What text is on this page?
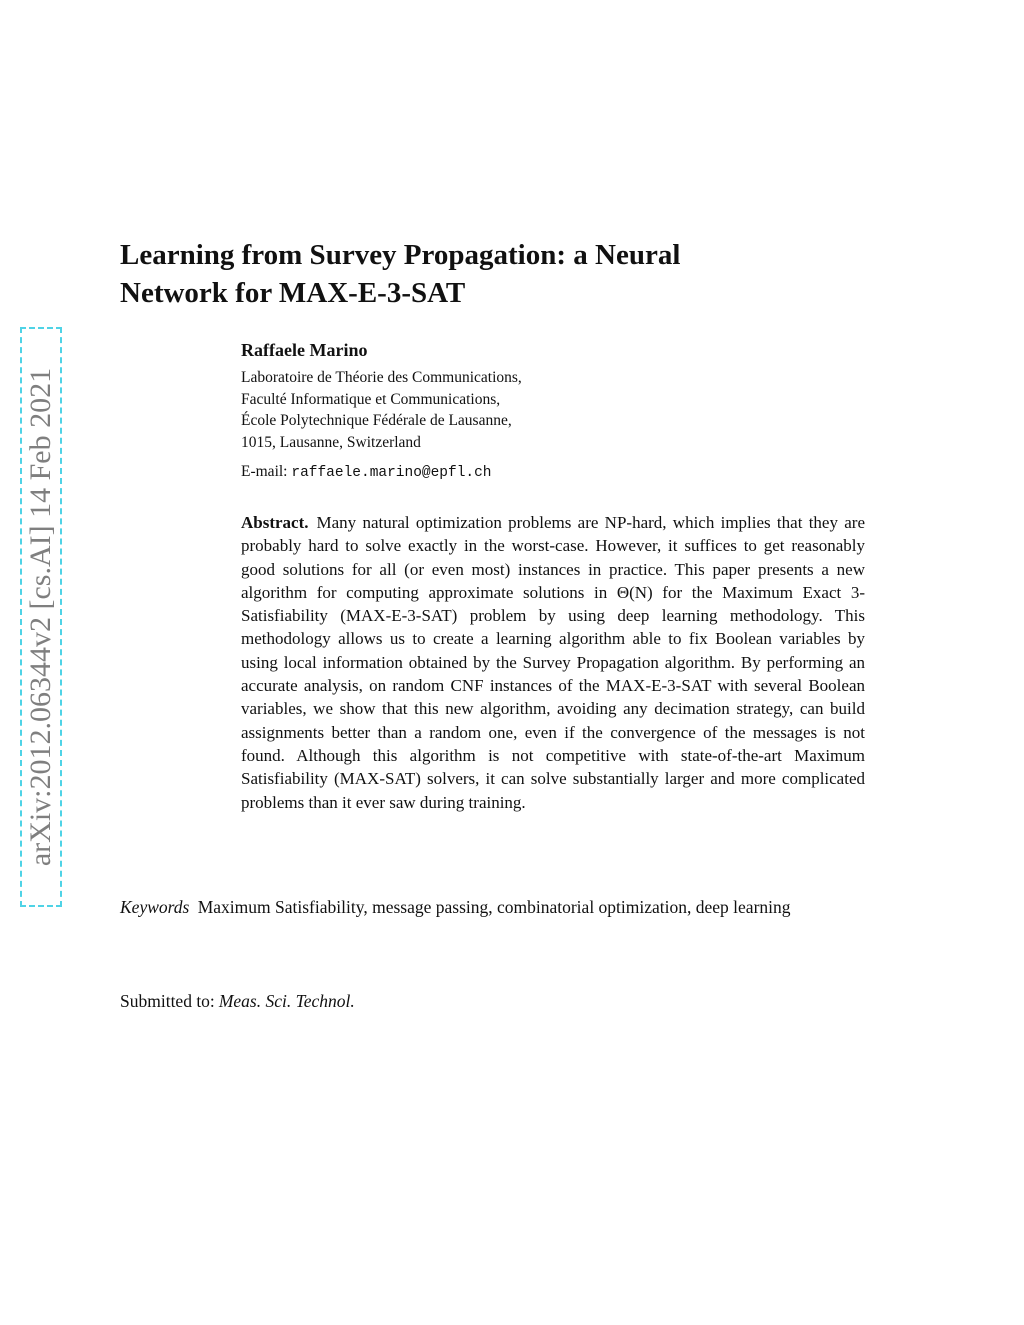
arXiv:2012.06344v2 [cs.AI] 14 Feb 2021
Learning from Survey Propagation: a Neural
Network for MAX-E-3-SAT

Raffaele Marino

Laboratoire de Théorie des Communications,

Faculté Informatique et Communications,

École Polytechnique Fédérale de Lausanne,

1015, Lausanne, Switzerland

E-mail: raffaele.marino@epfl.ch

Abstract. Many natural optimization problems are NP-hard, which implies that they are probably hard to solve exactly in the worst-case. However, it suffices to get reasonably good solutions for all (or even most) instances in practice. This paper presents a new algorithm for computing approximate solutions in Θ(N) for the Maximum Exact 3-Satisfiability (MAX-E-3-SAT) problem by using deep learning methodology. This methodology allows us to create a learning algorithm able to fix Boolean variables by using local information obtained by the Survey Propagation algorithm. By performing an accurate analysis, on random CNF instances of the MAX-E-3-SAT with several Boolean variables, we show that this new algorithm, avoiding any decimation strategy, can build assignments better than a random one, even if the convergence of the messages is not found. Although this algorithm is not competitive with state-of-the-art Maximum Satisfiability (MAX-SAT) solvers, it can solve substantially larger and more complicated problems than it ever saw during training.

Keywords Maximum Satisfiability, message passing, combinatorial optimization, deep learning

Submitted to: Meas. Sci. Technol.
